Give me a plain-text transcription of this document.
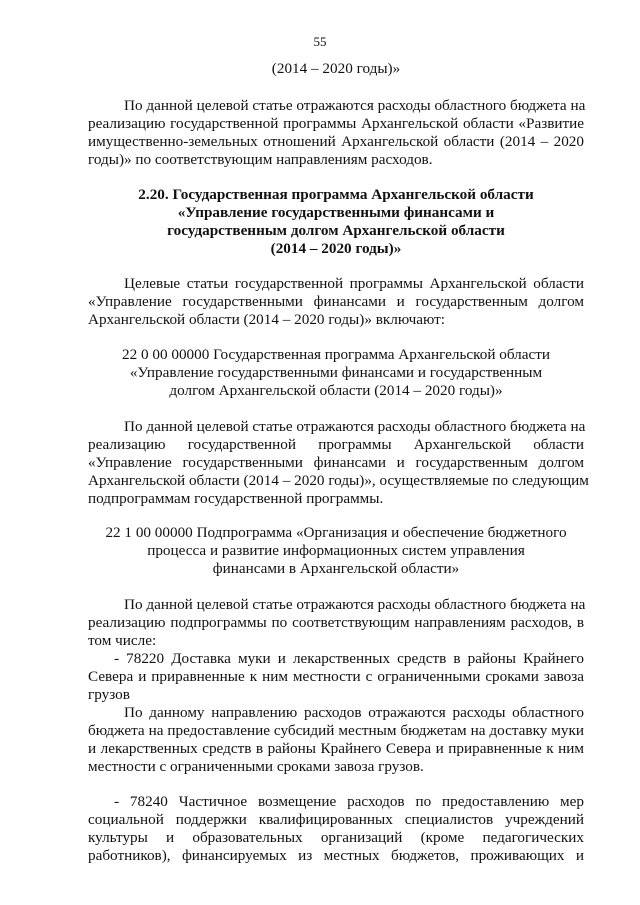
55
(2014 – 2020 годы)»
По данной целевой статье отражаются расходы областного бюджета на
реализацию государственной программы Архангельской области «Развитие
имущественно-земельных отношений Архангельской области (2014 – 2020
годы)» по соответствующим направлениям расходов.
2.20. Государственная программа Архангельской области
«Управление государственными финансами и
государственным долгом Архангельской области
(2014 – 2020 годы)»
Целевые статьи государственной программы Архангельской области
«Управление государственными финансами и государственным долгом
Архангельской области (2014 – 2020 годы)» включают:
22 0 00 00000 Государственная программа Архангельской области
«Управление государственными финансами и государственным
долгом Архангельской области (2014 – 2020 годы)»
По данной целевой статье отражаются расходы областного бюджета на
реализацию государственной программы Архангельской области
«Управление государственными финансами и государственным долгом
Архангельской области (2014 – 2020 годы)», осуществляемые по следующим
подпрограммам государственной программы.
22 1 00 00000 Подпрограмма «Организация и обеспечение бюджетного
процесса и развитие информационных систем управления
финансами в Архангельской области»
По данной целевой статье отражаются расходы областного бюджета на
реализацию подпрограммы по соответствующим направлениям расходов, в
том числе:
- 78220 Доставка муки и лекарственных средств в районы Крайнего
Севера и приравненные к ним местности с ограниченными сроками завоза
грузов
По данному направлению расходов отражаются расходы областного
бюджета на предоставление субсидий местным бюджетам на доставку муки
и лекарственных средств в районы Крайнего Севера и приравненные к ним
местности с ограниченными сроками завоза грузов.
- 78240 Частичное возмещение расходов по предоставлению мер
социальной поддержки квалифицированных специалистов учреждений
культуры и образовательных организаций (кроме педагогических
работников), финансируемых из местных бюджетов, проживающих и
